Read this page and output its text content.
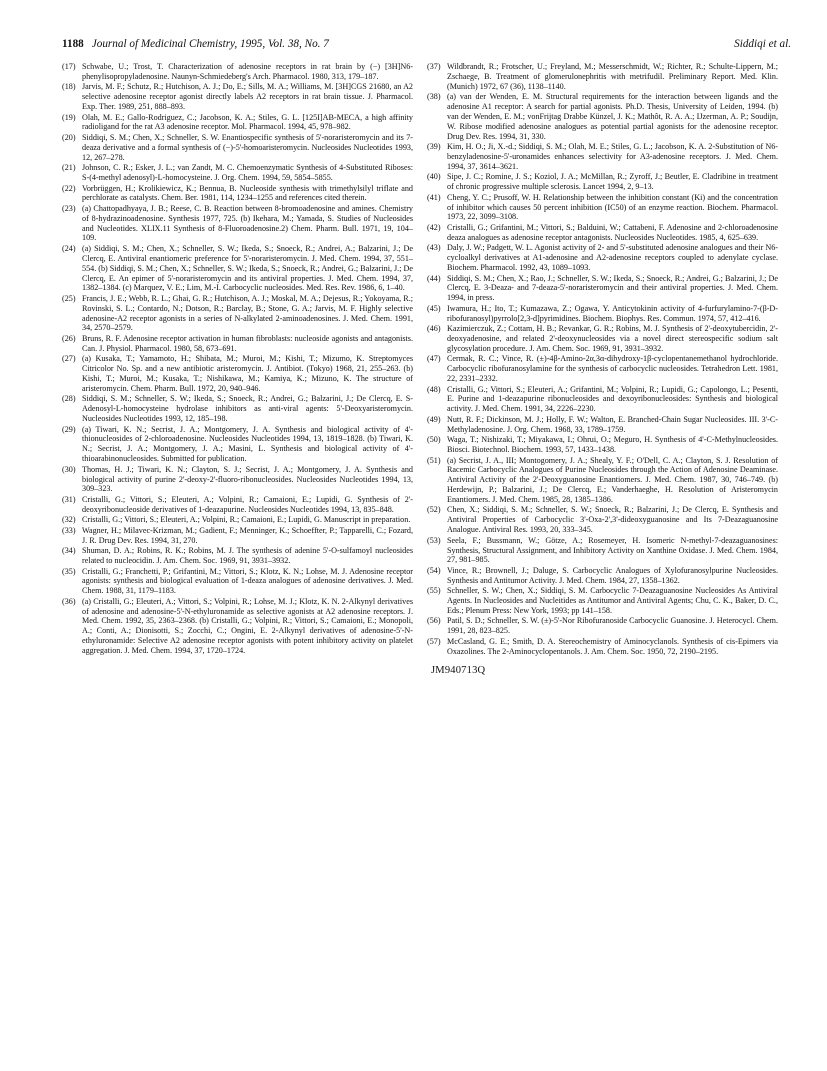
1188 Journal of Medicinal Chemistry, 1995, Vol. 38, No. 7	Siddiqi et al.
(17) Schwabe, U.; Trost, T. Characterization of adenosine receptors in rat brain by (−) [3H]N6-phenylisopropyladenosine. Naunyn-Schmiedeberg's Arch. Pharmacol. 1980, 313, 179–187.
(18) Jarvis, M. F.; Schutz, R.; Hutchison, A. J.; Do, E.; Sills, M. A.; Williams, M. [3H]CGS 21680, an A2 selective adenosine receptor agonist directly labels A2 receptors in rat brain tissue. J. Pharmacol. Exp. Ther. 1989, 251, 888–893.
(19) Olah, M. E.; Gallo-Rodriguez, C.; Jacobson, K. A.; Stiles, G. L. [125I]AB-MECA, a high affinity radioligand for the rat A3 adenosine receptor. Mol. Pharmacol. 1994, 45, 978–982.
(20) Siddiqi, S. M.; Chen, X.; Schneller, S. W. Enantiospecific synthesis of 5'-noraristeromycin and its 7-deaza derivative and a formal synthesis of (−)-5'-homoaristeromycin. Nucleosides Nucleotides 1993, 12, 267–278.
(21) Johnson, C. R.; Esker, J. L.; van Zandt, M. C. Chemoenzymatic Synthesis of 4-Substituted Riboses: S-(4-methyl adenosyl)-L-homocysteine. J. Org. Chem. 1994, 59, 5854–5855.
(22) Vorbrüggen, H.; Krolikiewicz, K.; Bennua, B. Nucleoside synthesis with trimethylsilyl triflate and perchlorate as catalysts. Chem. Ber. 1981, 114, 1234–1255 and references cited therein.
(23) (a) Chattopadhyaya, J. B.; Reese, C. B. Reaction between 8-bromoadenosine and amines. Chemistry of 8-hydrazinoadenosine. Synthesis 1977, 725. (b) Ikehara, M.; Yamada, S. Studies of Nucleosides and Nucleotides. XLIX.11 Synthesis of 8-Fluoroadenosine.2) Chem. Pharm. Bull. 1971, 19, 104–109.
(24) (a) Siddiqi, S. M.; Chen, X.; Schneller, S. W.; Ikeda, S.; Snoeck, R.; Andrei, A.; Balzarini, J.; De Clercq, E. Antiviral enantiomeric preference for 5'-noraristeromycin. J. Med. Chem. 1994, 37, 551–554. (b) Siddiqi, S. M.; Chen, X.; Schneller, S. W.; Ikeda, S.; Snoeck, R.; Andrei, G.; Balzarini, J.; De Clercq, E. An epimer of 5'-noraristeromycin and its antiviral properties. J. Med. Chem. 1994, 37, 1382–1384. (c) Marquez, V. E.; Lim, M.-I. Carbocyclic nucleosides. Med. Res. Rev. 1986, 6, 1–40.
(25) Francis, J. E.; Webb, R. L.; Ghai, G. R.; Hutchison, A. J.; Moskal, M. A.; Dejesus, R.; Yokoyama, R.; Rovinski, S. L.; Contardo, N.; Dotson, R.; Barclay, B.; Stone, G. A.; Jarvis, M. F. Highly selective adenosine-A2 receptor agonists in a series of N-alkylated 2-aminoadenosines. J. Med. Chem. 1991, 34, 2570–2579.
(26) Bruns, R. F. Adenosine receptor activation in human fibroblasts: nucleoside agonists and antagonists. Can. J. Physiol. Pharmacol. 1980, 58, 673–691.
(27) (a) Kusaka, T.; Yamamoto, H.; Shibata, M.; Muroi, M.; Kishi, T.; Mizumo, K. Streptomyces Citricolor No. Sp. and a new antibiotic aristeromycin. J. Antibiot. (Tokyo) 1968, 21, 255–263. (b) Kishi, T.; Muroi, M.; Kusaka, T.; Nishikawa, M.; Kamiya, K.; Mizuno, K. The structure of aristeromycin. Chem. Pharm. Bull. 1972, 20, 940–946.
(28) Siddiqi, S. M.; Schneller, S. W.; Ikeda, S.; Snoeck, R.; Andrei, G.; Balzarini, J.; De Clercq, E. S-Adenosyl-L-homocysteine hydrolase inhibitors as anti-viral agents: 5'-Deoxyaristeromycin. Nucleosides Nucleotides 1993, 12, 185–198.
(29) (a) Tiwari, K. N.; Secrist, J. A.; Montgomery, J. A. Synthesis and biological activity of 4'-thionucleosides of 2-chloroadenosine. Nucleosides Nucleotides 1994, 13, 1819–1828. (b) Tiwari, K. N.; Secrist, J. A.; Montgomery, J. A.; Masini, L. Synthesis and biological activity of 4'-thioarabinonucleosides. Submitted for publication.
(30) Thomas, H. J.; Tiwari, K. N.; Clayton, S. J.; Secrist, J. A.; Montgomery, J. A. Synthesis and biological activity of purine 2'-deoxy-2'-fluoro-ribonucleosides. Nucleosides Nucleotides 1994, 13, 309–323.
(31) Cristalli, G.; Vittori, S.; Eleuteri, A.; Volpini, R.; Camaioni, E.; Lupidi, G. Synthesis of 2'-deoxyribonucleoside derivatives of 1-deazapurine. Nucleosides Nucleotides 1994, 13, 835–848.
(32) Cristalli, G.; Vittori, S.; Eleuteri, A.; Volpini, R.; Camaioni, E.; Lupidi, G. Manuscript in preparation.
(33) Wagner, H.; Milavec-Krizman, M.; Gadient, F.; Menninger, K.; Schoeffter, P.; Tapparelli, C.; Fozard, J. R. Drug Dev. Res. 1994, 31, 270.
(34) Shuman, D. A.; Robins, R. K.; Robins, M. J. The synthesis of adenine 5'-O-sulfamoyl nucleosides related to nucleocidin. J. Am. Chem. Soc. 1969, 91, 3931–3932.
(35) Cristalli, G.; Franchetti, P.; Grifantini, M.; Vittori, S.; Klotz, K. N.; Lohse, M. J. Adenosine receptor agonists: synthesis and biological evaluation of 1-deaza analogues of adenosine derivatives. J. Med. Chem. 1988, 31, 1179–1183.
(36) (a) Cristalli, G.; Eleuteri, A.; Vittori, S.; Volpini, R.; Lohse, M. J.; Klotz, K. N. 2-Alkynyl derivatives of adenosine and adenosine-5'-N-ethyluronamide as selective agonists at A2 adenosine receptors. J. Med. Chem. 1992, 35, 2363–2368. (b) Cristalli, G.; Volpini, R.; Vittori, S.; Camaioni, E.; Monopoli, A.; Conti, A.; Dionisotti, S.; Zocchi, C.; Ongini, E. 2-Alkynyl derivatives of adenosine-5'-N-ethyluronamide: Selective A2 adenosine receptor agonists with potent inhibitory activity on platelet aggregation. J. Med. Chem. 1994, 37, 1720–1724.
(37) Wildbrandt, R.; Frotscher, U.; Freyland, M.; Messerschmidt, W.; Richter, R.; Schulte-Lippern, M.; Zschaege, B. Treatment of glomerulonephritis with metrifudil. Preliminary Report. Med. Klin. (Munich) 1972, 67 (36), 1138–1140.
(38) (a) van der Wenden, E. M. Structural requirements for the interaction between ligands and the adenosine A1 receptor: A search for partial agonists. Ph.D. Thesis, University of Leiden, 1994. (b) van der Wenden, E. M.; vonFrijtag Drabbe Künzel, J. K.; Mathôt, R. A. A.; IJzerman, A. P.; Soudijn, W. Ribose modified adenosine analogues as potential partial agonists for the adenosine receptor. Drug Dev. Res. 1994, 31, 330.
(39) Kim, H. O.; Ji, X.-d.; Siddiqi, S. M.; Olah, M. E.; Stiles, G. L.; Jacobson, K. A. 2-Substitution of N6-benzyladenosine-5'-uronamides enhances selectivity for A3-adenosine receptors. J. Med. Chem. 1994, 37, 3614–3621.
(40) Sipe, J. C.; Romine, J. S.; Koziol, J. A.; McMillan, R.; Zyroff, J.; Beutler, E. Cladribine in treatment of chronic progressive multiple sclerosis. Lancet 1994, 2, 9–13.
(41) Cheng, Y. C.; Prusoff, W. H. Relationship between the inhibition constant (Ki) and the concentration of inhibitor which causes 50 percent inhibition (IC50) of an enzyme reaction. Biochem. Pharmacol. 1973, 22, 3099–3108.
(42) Cristalli, G.; Grifantini, M.; Vittori, S.; Balduini, W.; Cattabeni, F. Adenosine and 2-chloroadenosine deaza analogues as adenosine receptor antagonists. Nucleosides Nucleotides. 1985, 4, 625–639.
(43) Daly, J. W.; Padgett, W. L. Agonist activity of 2- and 5'-substituted adenosine analogues and their N6-cycloalkyl derivatives at A1-adenosine and A2-adenosine receptors coupled to adenylate cyclase. Biochem. Pharmacol. 1992, 43, 1089–1093.
(44) Siddiqi, S. M.; Chen, X.; Rao, J.; Schneller, S. W.; Ikeda, S.; Snoeck, R.; Andrei, G.; Balzarini, J.; De Clercq, E. 3-Deaza- and 7-deaza-5'-noraristeromycin and their antiviral properties. J. Med. Chem. 1994, in press.
(45) Iwamura, H.; Ito, T.; Kumazawa, Z.; Ogawa, Y. Anticytokinin activity of 4-furfurylamino-7-(β-D-ribofuranosyl)pyrrolo[2,3-d]pyrimidines. Biochem. Biophys. Res. Commun. 1974, 57, 412–416.
(46) Kazimierczuk, Z.; Cottam, H. B.; Revankar, G. R.; Robins, M. J. Synthesis of 2'-deoxytubercidin, 2'-deoxyadenosine, and related 2'-deoxynucleosides via a novel direct stereospecific sodium salt glycosylation procedure. J. Am. Chem. Soc. 1969, 91, 3931–3932.
(47) Cermak, R. C.; Vince, R. (±)-4β-Amino-2α,3α-dihydroxy-1β-cyclopentanemethanol hydrochloride. Carbocyclic ribofuranosylamine for the synthesis of carbocyclic nucleosides. Tetrahedron Lett. 1981, 22, 2331–2332.
(48) Cristalli, G.; Vittori, S.; Eleuteri, A.; Grifantini, M.; Volpini, R.; Lupidi, G.; Capolongo, L.; Pesenti, E. Purine and 1-deazapurine ribonucleosides and dexoyribonucleosides: Synthesis and biological activity. J. Med. Chem. 1991, 34, 2226–2230.
(49) Nutt, R. F.; Dickinson, M. J.; Holly, F. W.; Walton, E. Branched-Chain Sugar Nucleosides. III. 3'-C-Methyladenosine. J. Org. Chem. 1968, 33, 1789–1759.
(50) Waga, T.; Nishizaki, T.; Miyakawa, I.; Ohrui, O.; Meguro, H. Synthesis of 4'-C-Methylnucleosides. Biosci. Biotechnol. Biochem. 1993, 57, 1433–1438.
(51) (a) Secrist, J. A., III; Montogomery, J. A.; Shealy, Y. F.; O'Dell, C. A.; Clayton, S. J. Resolution of Racemic Carbocyclic Analogues of Purine Nucleosides through the Action of Adenosine Deaminase. Antiviral Activity of the 2'-Deoxyguanosine Enantiomers. J. Med. Chem. 1987, 30, 746–749. (b) Herdewijn, P.; Balzarini, J.; De Clercq, E.; Vanderhaeghe, H. Resolution of Aristeromycin Enantiomers. J. Med. Chem. 1985, 28, 1385–1386.
(52) Chen, X.; Siddiqi, S. M.; Schneller, S. W.; Snoeck, R.; Balzarini, J.; De Clercq, E. Synthesis and Antiviral Properties of Carbocyclic 3'-Oxa-2',3'-dideoxyguanosine and Its 7-Deazaguanosine Analogue. Antiviral Res. 1993, 20, 333–345.
(53) Seela, F.; Bussmann, W.; Götze, A.; Rosemeyer, H. Isomeric N-methyl-7-deazaguanosines: Synthesis, Structural Assignment, and Inhibitory Activity on Xanthine Oxidase. J. Med. Chem. 1984, 27, 981–985.
(54) Vince, R.; Brownell, J.; Daluge, S. Carbocyclic Analogues of Xylofuranosylpurine Nucleosides. Synthesis and Antitumor Activity. J. Med. Chem. 1984, 27, 1358–1362.
(55) Schneller, S. W.; Chen, X.; Siddiqi, S. M. Carbocyclic 7-Deazaguanosine Nucleosides As Antiviral Agents. In Nucleosides and Nucleitides as Antitumor and Antiviral Agents; Chu, C. K., Baker, D. C., Eds.; Plenum Press: New York, 1993; pp 141–158.
(56) Patil, S. D.; Schneller, S. W. (±)-5'-Nor Ribofuranoside Carbocyclic Guanosine. J. Heterocycl. Chem. 1991, 28, 823–825.
(57) McCasland, G. E.; Smith, D. A. Stereochemistry of Aminocyclanols. Synthesis of cis-Epimers via Oxazolines. The 2-Aminocyclopentanols. J. Am. Chem. Soc. 1950, 72, 2190–2195.
JM940713Q
